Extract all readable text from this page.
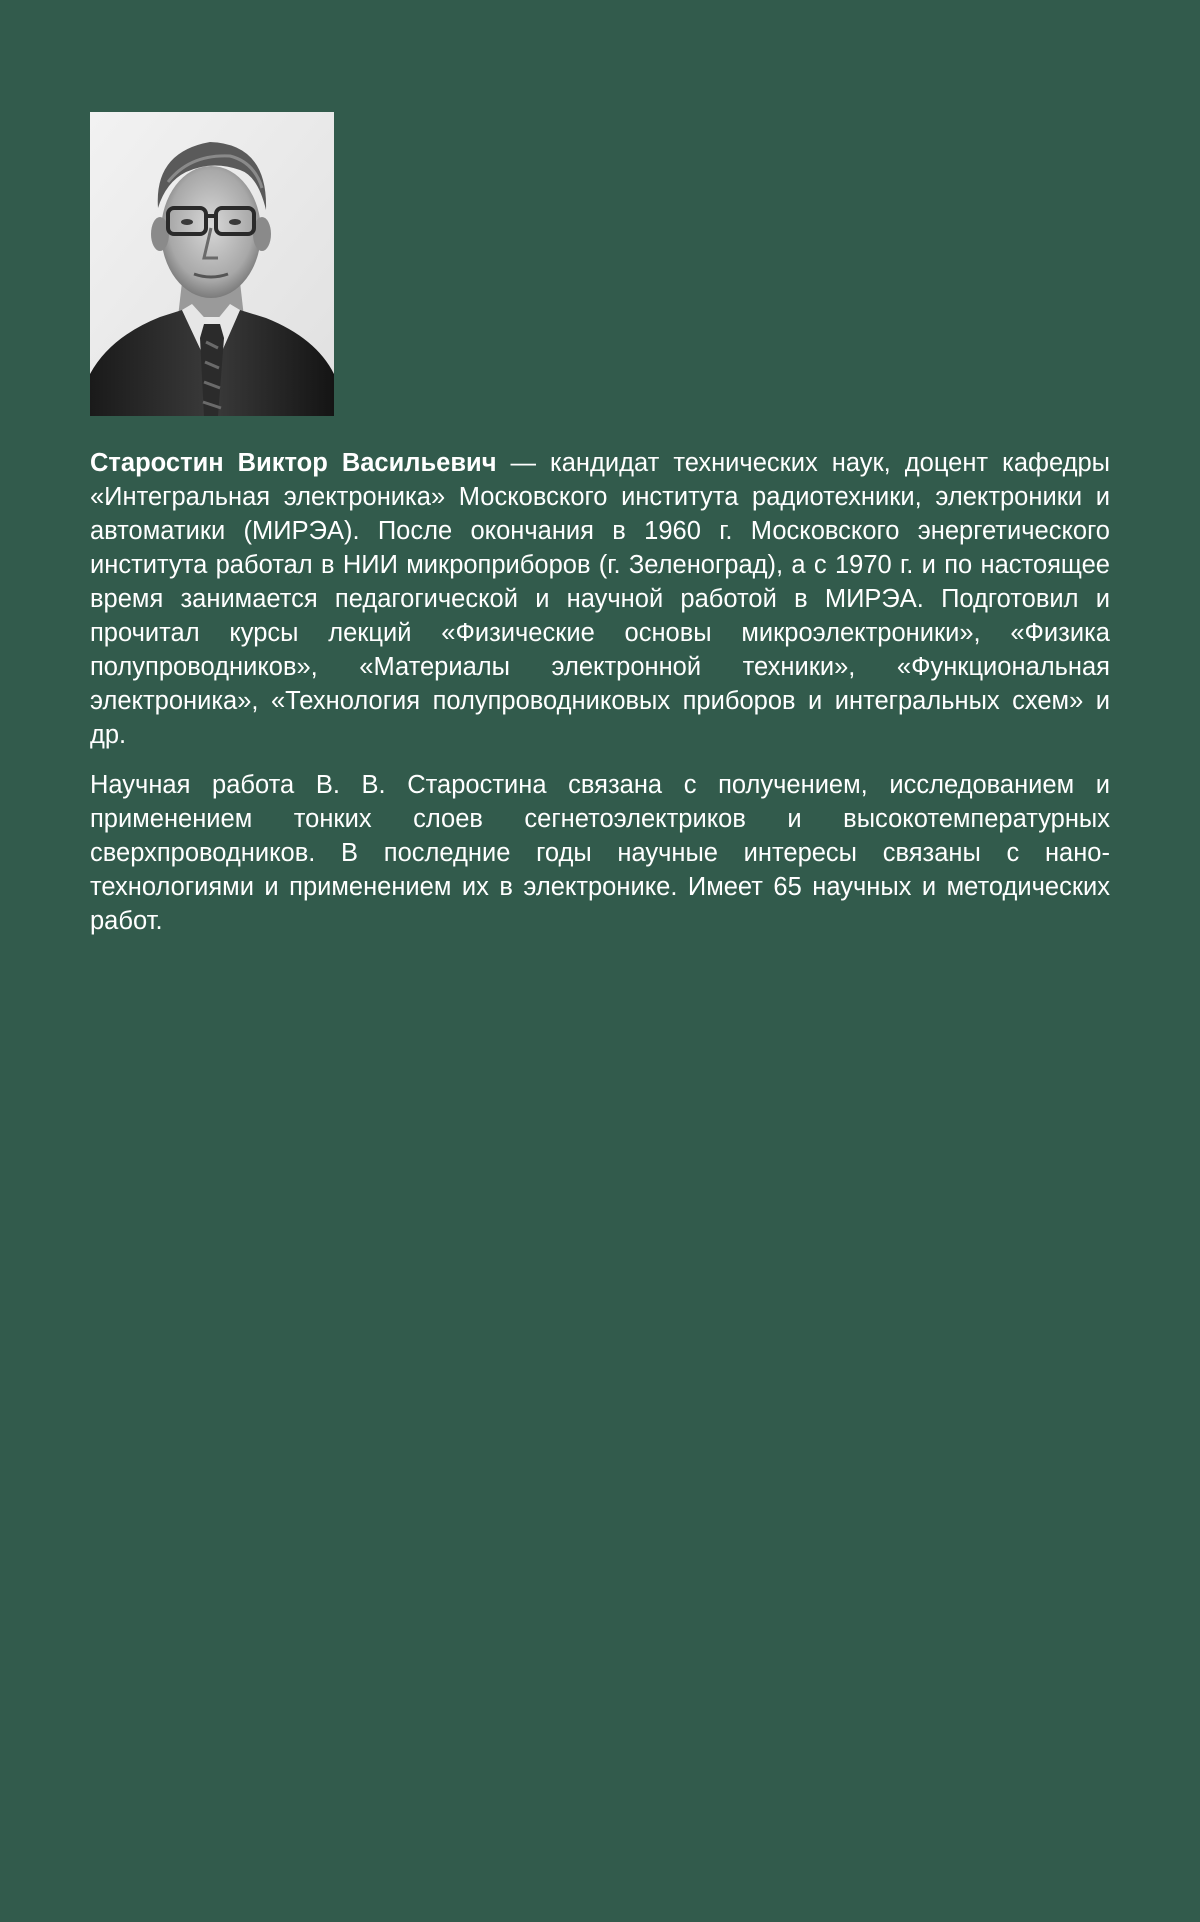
Старостин Виктор Васильевич — кандидат технических наук, доцент кафедры «Интегральная электроника» Московского института радиотехники, электроники и автоматики (МИРЭА). После окончания в 1960 г. Московского энергетического института работал в НИИ микроприборов (г. Зеленоград), а с 1970 г. и по настоящее время занимается педагогической и научной работой в МИРЭА. Подготовил и прочитал курсы лекций «Физические основы микроэлектроники», «Физика полупроводников», «Материалы электронной техники», «Функциональная электроника», «Технология полупроводниковых приборов и интегральных схем» и др.

Научная работа В. В. Старостина связана с получением, исследованием и применением тонких слоев сегнетоэлектриков и высокотемпературных сверхпроводников. В последние годы научные интересы связаны с нанотехнологиями и применением их в электронике. Имеет 65 научных и методических работ.
